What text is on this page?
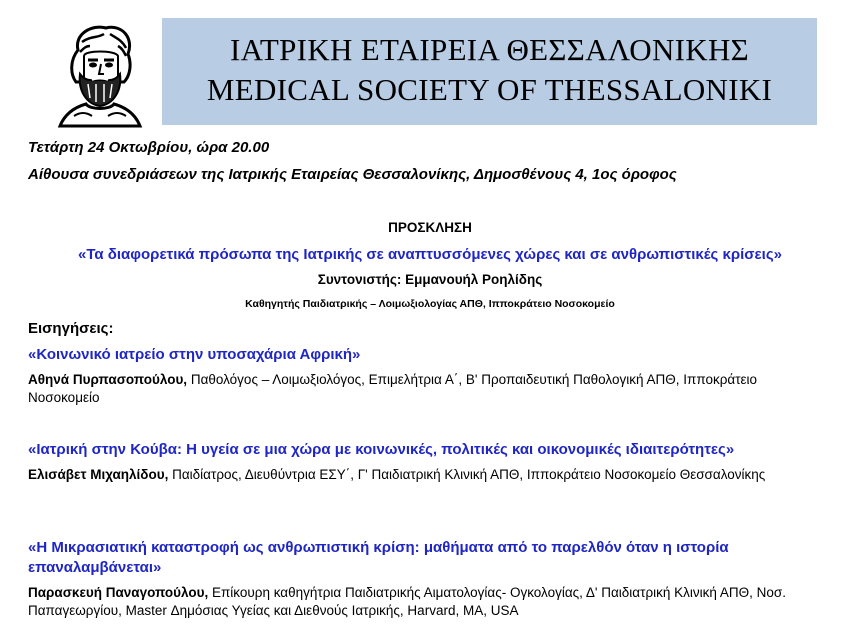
ΙΑΤΡΙΚΗ ΕΤΑΙΡΕΙΑ ΘΕΣΣΑΛΟΝΙΚΗΣ
MEDICAL SOCIETY OF THESSALONIKI
Τετάρτη 24 Οκτωβρίου, ώρα 20.00
Αίθουσα συνεδριάσεων της Ιατρικής Εταιρείας Θεσσαλονίκης, Δημοσθένους 4, 1ος όροφος
ΠΡΟΣΚΛΗΣΗ
«Τα διαφορετικά πρόσωπα της Ιατρικής σε αναπτυσσόμενες χώρες και σε ανθρωπιστικές κρίσεις»
Συντονιστής: Εμμανουήλ Ροηλίδης
Καθηγητής Παιδιατρικής – Λοιμωξιολογίας ΑΠΘ, Ιπποκράτειο Νοσοκομείο
Εισηγήσεις:
«Κοινωνικό ιατρείο στην υποσαχάρια Αφρική»
Αθηνά Πυρπασοπούλου, Παθολόγος – Λοιμωξιολόγος, Επιμελήτρια Α΄, Β' Προπαιδευτική Παθολογική ΑΠΘ, Ιπποκράτειο Νοσοκομείο
«Ιατρική στην Κούβα: Η υγεία σε μια χώρα με κοινωνικές, πολιτικές και οικονομικές ιδιαιτερότητες»
Ελισάβετ Μιχαηλίδου, Παιδίατρος, Διευθύντρια ΕΣΥ΄, Γ' Παιδιατρική Κλινική ΑΠΘ, Ιπποκράτειο Νοσοκομείο Θεσσαλονίκης
«Η Μικρασιατική καταστροφή ως ανθρωπιστική κρίση: μαθήματα από το παρελθόν όταν η ιστορία επαναλαμβάνεται»
Παρασκευή Παναγοπούλου, Επίκουρη καθηγήτρια Παιδιατρικής Αιματολογίας- Ογκολογίας, Δ' Παιδιατρική Κλινική ΑΠΘ, Νοσ. Παπαγεωργίου, Master Δημόσιας Υγείας και Διεθνούς Ιατρικής, Harvard, MA, USA
